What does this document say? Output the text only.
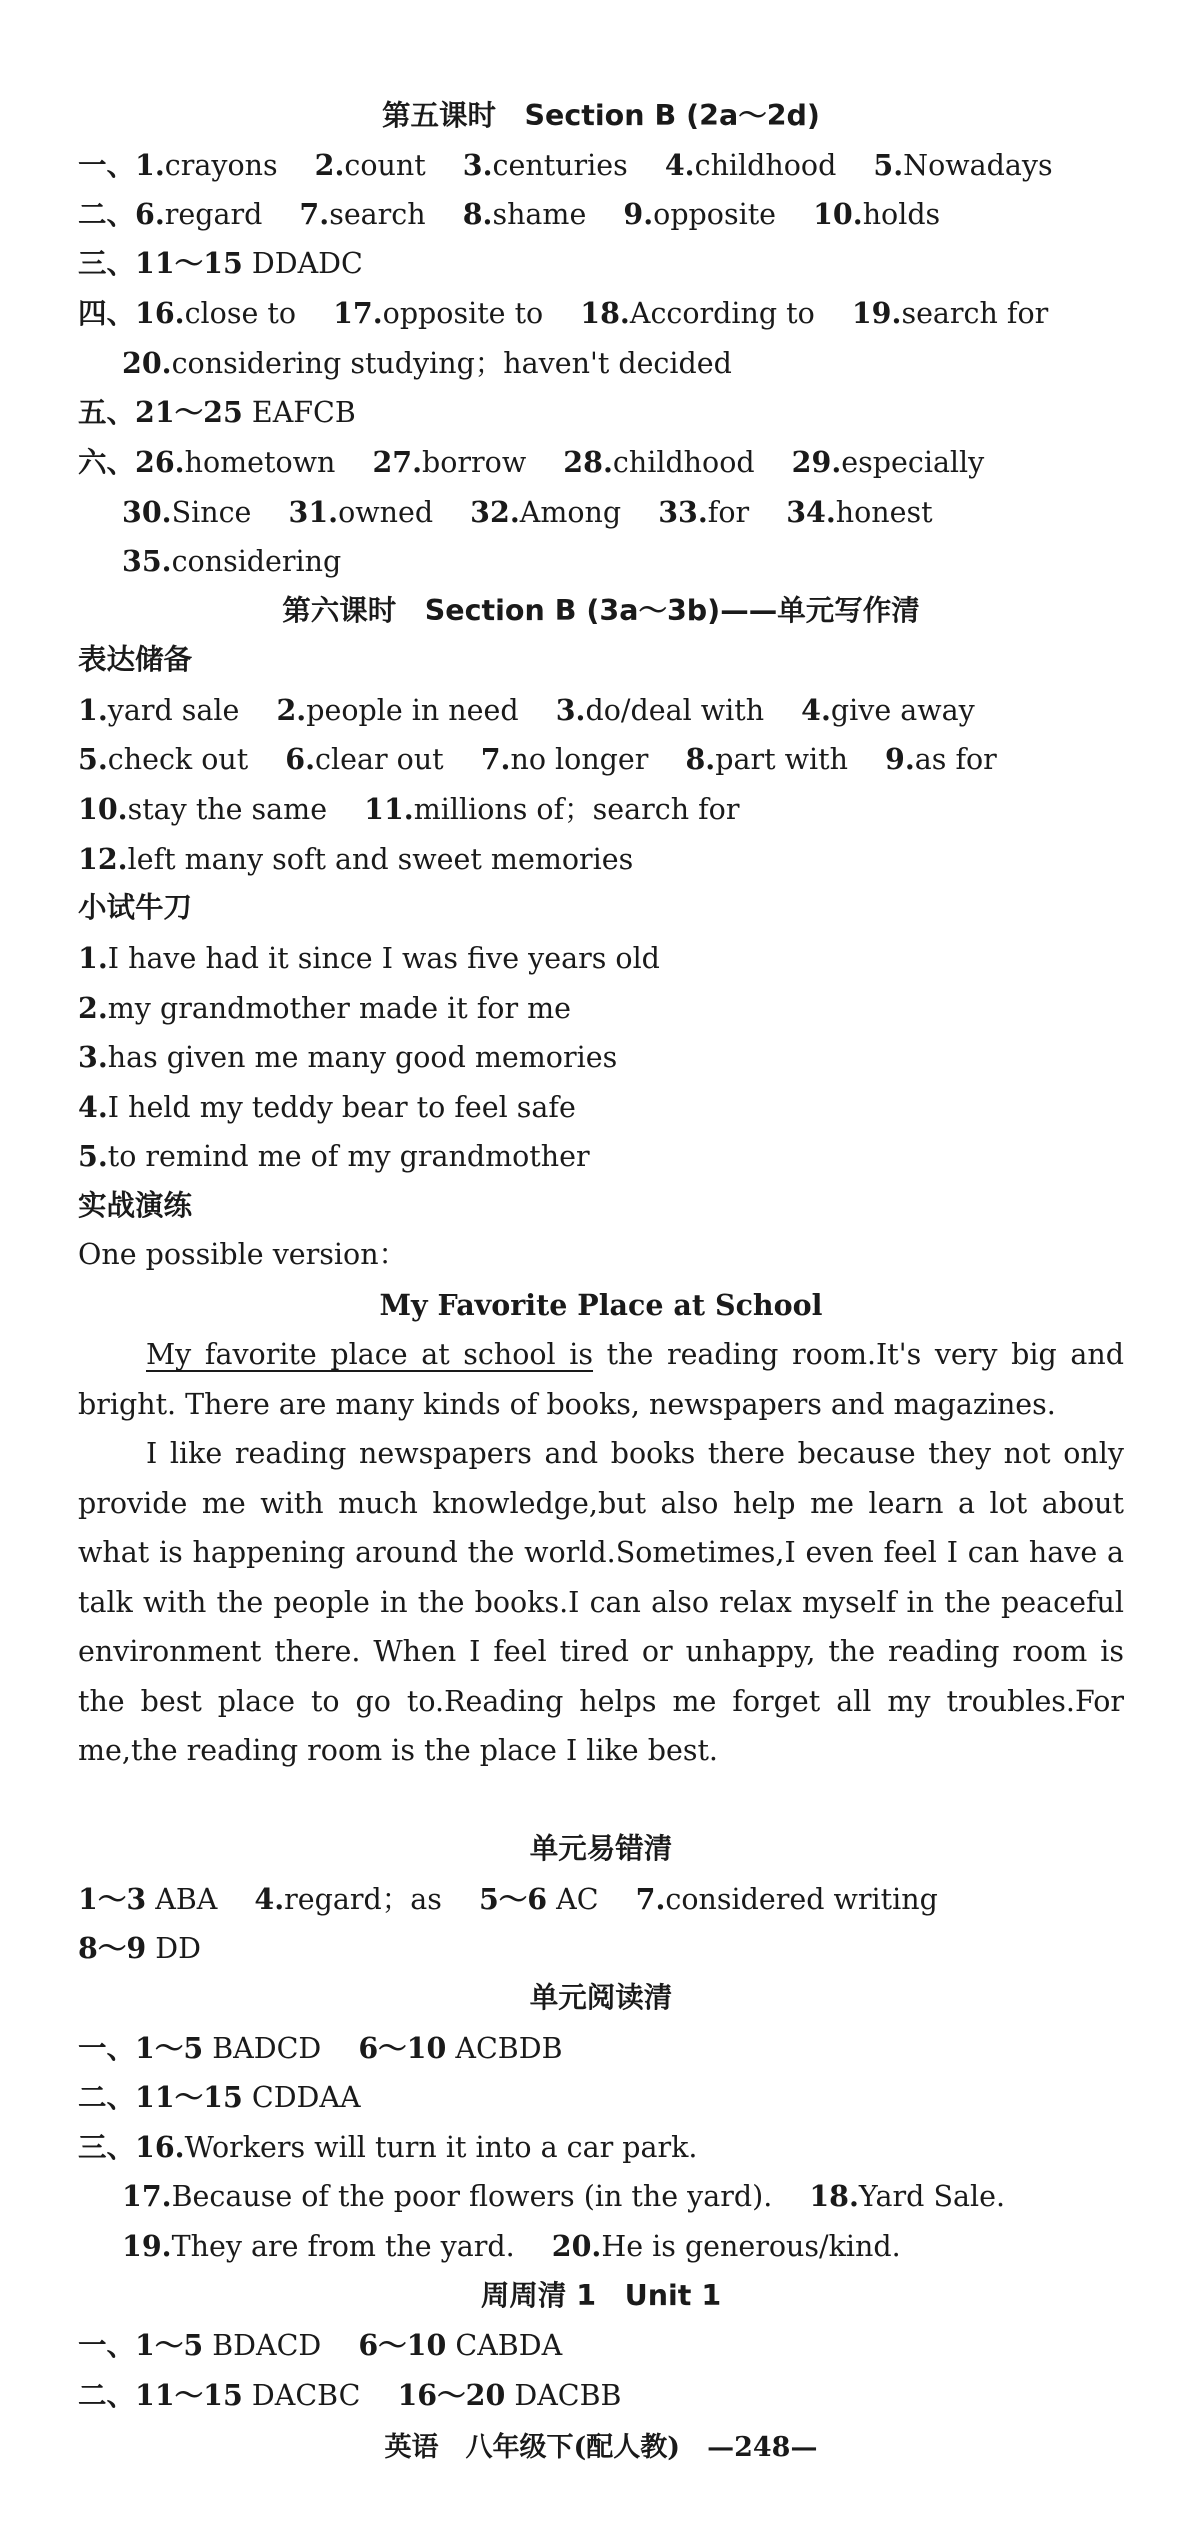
第五课时　Section B (2a～2d)
一、1.crayons 2.count 3.centuries 4.childhood 5.Nowadays
二、6.regard 7.search 8.shame 9.opposite 10.holds
三、11～15 DDADC
四、16.close to 17.opposite to 18.According to 19.search for
20.considering studying；haven't decided
五、21～25 EAFCB
六、26.hometown 27.borrow 28.childhood 29.especially
30.Since 31.owned 32.Among 33.for 34.honest
35.considering
第六课时　Section B (3a～3b)——单元写作清
表达储备
1.yard sale 2.people in need 3.do/deal with 4.give away
5.check out 6.clear out 7.no longer 8.part with 9.as for
10.stay the same 11.millions of；search for
12.left many soft and sweet memories
小试牛刀
1.I have had it since I was five years old
2.my grandmother made it for me
3.has given me many good memories
4.I held my teddy bear to feel safe
5.to remind me of my grandmother
实战演练
One possible version：
My Favorite Place at School

My favorite place at school is the reading room.It's very big and bright. There are many kinds of books, newspapers and magazines.

I like reading newspapers and books there because they not only provide me with much knowledge,but also help me learn a lot about what is happening around the world.Sometimes,I even feel I can have a talk with the people in the books.I can also relax myself in the peaceful environment there. When I feel tired or unhappy, the reading room is the best place to go to.Reading helps me forget all my troubles.For me,the reading room is the place I like best.

单元易错清
1～3 ABA 4.regard；as 5～6 AC 7.considered writing
8～9 DD
单元阅读清
一、1～5 BADCD 6～10 ACBDB
二、11～15 CDDAA
三、16.Workers will turn it into a car park.
17.Because of the poor flowers (in the yard). 18.Yard Sale.
19.They are from the yard. 20.He is generous/kind.
周周清 1　Unit 1
一、1～5 BDACD 6～10 CABDA
二、11～15 DACBC 16～20 DACBB
英语　八年级下(配人教)　—248—
